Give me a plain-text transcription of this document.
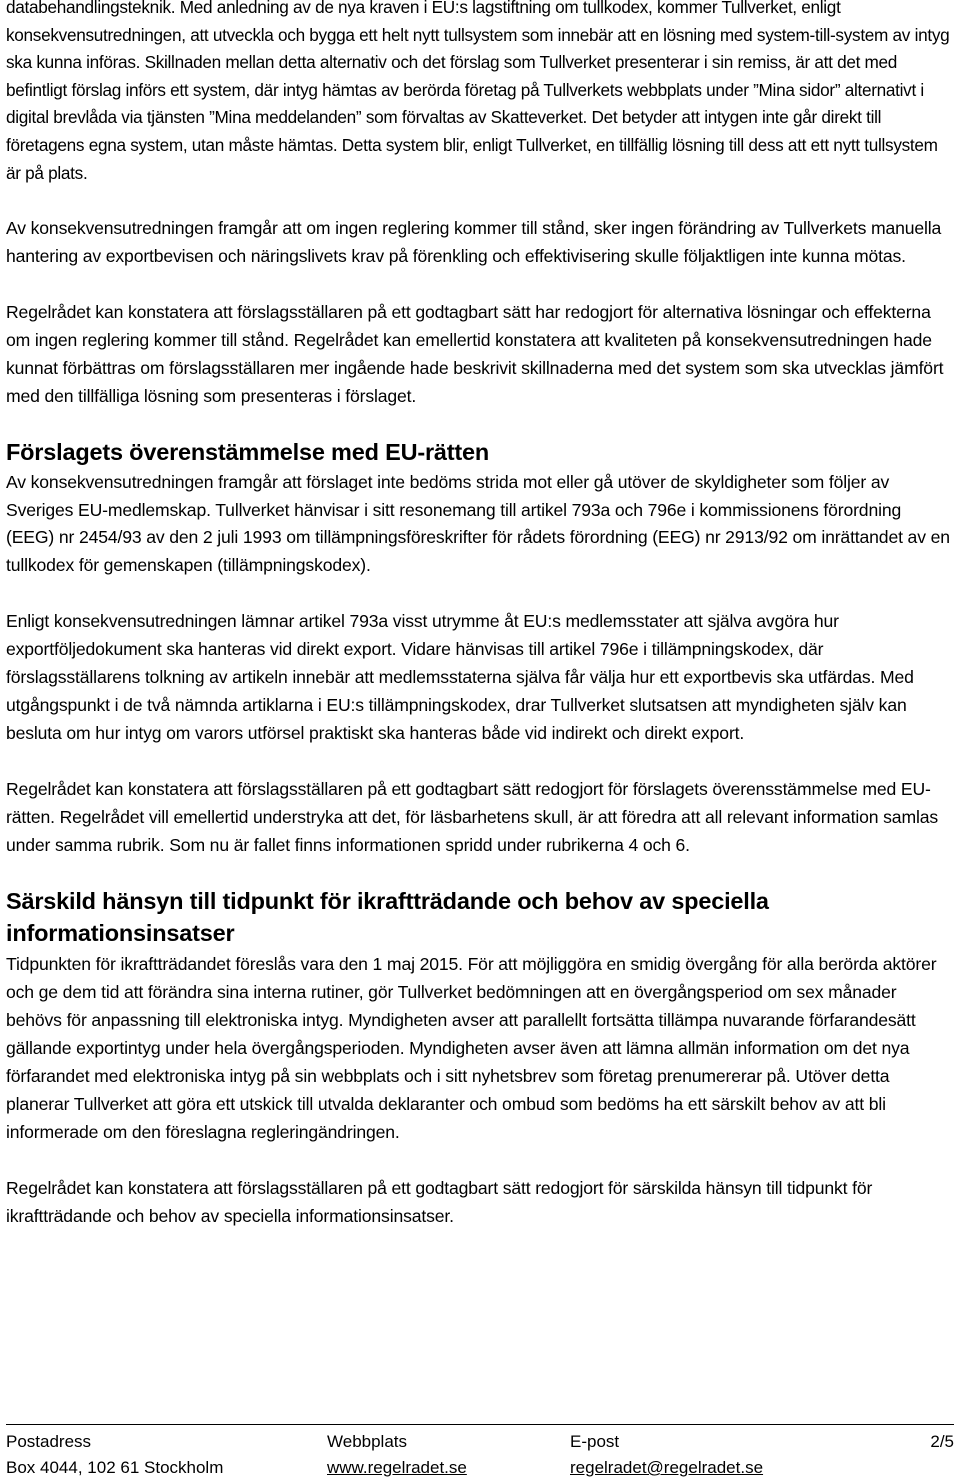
databehandlingsteknik. Med anledning av de nya kraven i EU:s lagstiftning om tullkodex, kommer Tullverket, enligt konsekvensutredningen, att utveckla och bygga ett helt nytt tullsystem som innebär att en lösning med system-till-system av intyg ska kunna införas. Skillnaden mellan detta alternativ och det förslag som Tullverket presenterar i sin remiss, är att det med befintligt förslag införs ett system, där intyg hämtas av berörda företag på Tullverkets webbplats under ”Mina sidor” alternativt i digital brevlåda via tjänsten ”Mina meddelanden” som förvaltas av Skatteverket. Det betyder att intygen inte går direkt till företagens egna system, utan måste hämtas. Detta system blir, enligt Tullverket, en tillfällig lösning till dess att ett nytt tullsystem är på plats.

Av konsekvensutredningen framgår att om ingen reglering kommer till stånd, sker ingen förändring av Tullverkets manuella hantering av exportbevisen och näringslivets krav på förenkling och effektivisering skulle följaktligen inte kunna mötas.

Regelrådet kan konstatera att förslagsställaren på ett godtagbart sätt har redogjort för alternativa lösningar och effekterna om ingen reglering kommer till stånd. Regelrådet kan emellertid konstatera att kvaliteten på konsekvensutredningen hade kunnat förbättras om förslagsställaren mer ingående hade beskrivit skillnaderna med det system som ska utvecklas jämfört med den tillfälliga lösning som presenteras i förslaget.

Förslagets överenstämmelse med EU-rätten

Av konsekvensutredningen framgår att förslaget inte bedöms strida mot eller gå utöver de skyldigheter som följer av Sveriges EU-medlemskap. Tullverket hänvisar i sitt resonemang till artikel 793a och 796e i kommissionens förordning (EEG) nr 2454/93 av den 2 juli 1993 om tillämpningsföreskrifter för rådets förordning (EEG) nr 2913/92 om inrättandet av en tullkodex för gemenskapen (tillämpningskodex).

Enligt konsekvensutredningen lämnar artikel 793a visst utrymme åt EU:s medlemsstater att själva avgöra hur exportföljedokument ska hanteras vid direkt export. Vidare hänvisas till artikel 796e i tillämpningskodex, där förslagsställarens tolkning av artikeln innebär att medlemsstaterna själva får välja hur ett exportbevis ska utfärdas. Med utgångspunkt i de två nämnda artiklarna i EU:s tillämpningskodex, drar Tullverket slutsatsen att myndigheten själv kan besluta om hur intyg om varors utförsel praktiskt ska hanteras både vid indirekt och direkt export.

Regelrådet kan konstatera att förslagsställaren på ett godtagbart sätt redogjort för förslagets överensstämmelse med EU-rätten. Regelrådet vill emellertid understryka att det, för läsbarhetens skull, är att föredra att all relevant information samlas under samma rubrik. Som nu är fallet finns informationen spridd under rubrikerna 4 och 6.

Särskild hänsyn till tidpunkt för ikraftträdande och behov av speciella informationsinsatser

Tidpunkten för ikraftträdandet föreslås vara den 1 maj 2015. För att möjliggöra en smidig övergång för alla berörda aktörer och ge dem tid att förändra sina interna rutiner, gör Tullverket bedömningen att en övergångsperiod om sex månader behövs för anpassning till elektroniska intyg. Myndigheten avser att parallellt fortsätta tillämpa nuvarande förfarandesätt gällande exportintyg under hela övergångsperioden. Myndigheten avser även att lämna allmän information om det nya förfarandet med elektroniska intyg på sin webbplats och i sitt nyhetsbrev som företag prenumererar på. Utöver detta planerar Tullverket att göra ett utskick till utvalda deklaranter och ombud som bedöms ha ett särskilt behov av att bli informerade om den föreslagna regleringändringen.

Regelrådet kan konstatera att förslagsställaren på ett godtagbart sätt redogjort för särskilda hänsyn till tidpunkt för ikraftträdande och behov av speciella informationsinsatser.

Postadress
Box 4044, 102 61 Stockholm
Webbplats
www.regelradet.se
E-post
regelradet@regelradet.se
2/5
